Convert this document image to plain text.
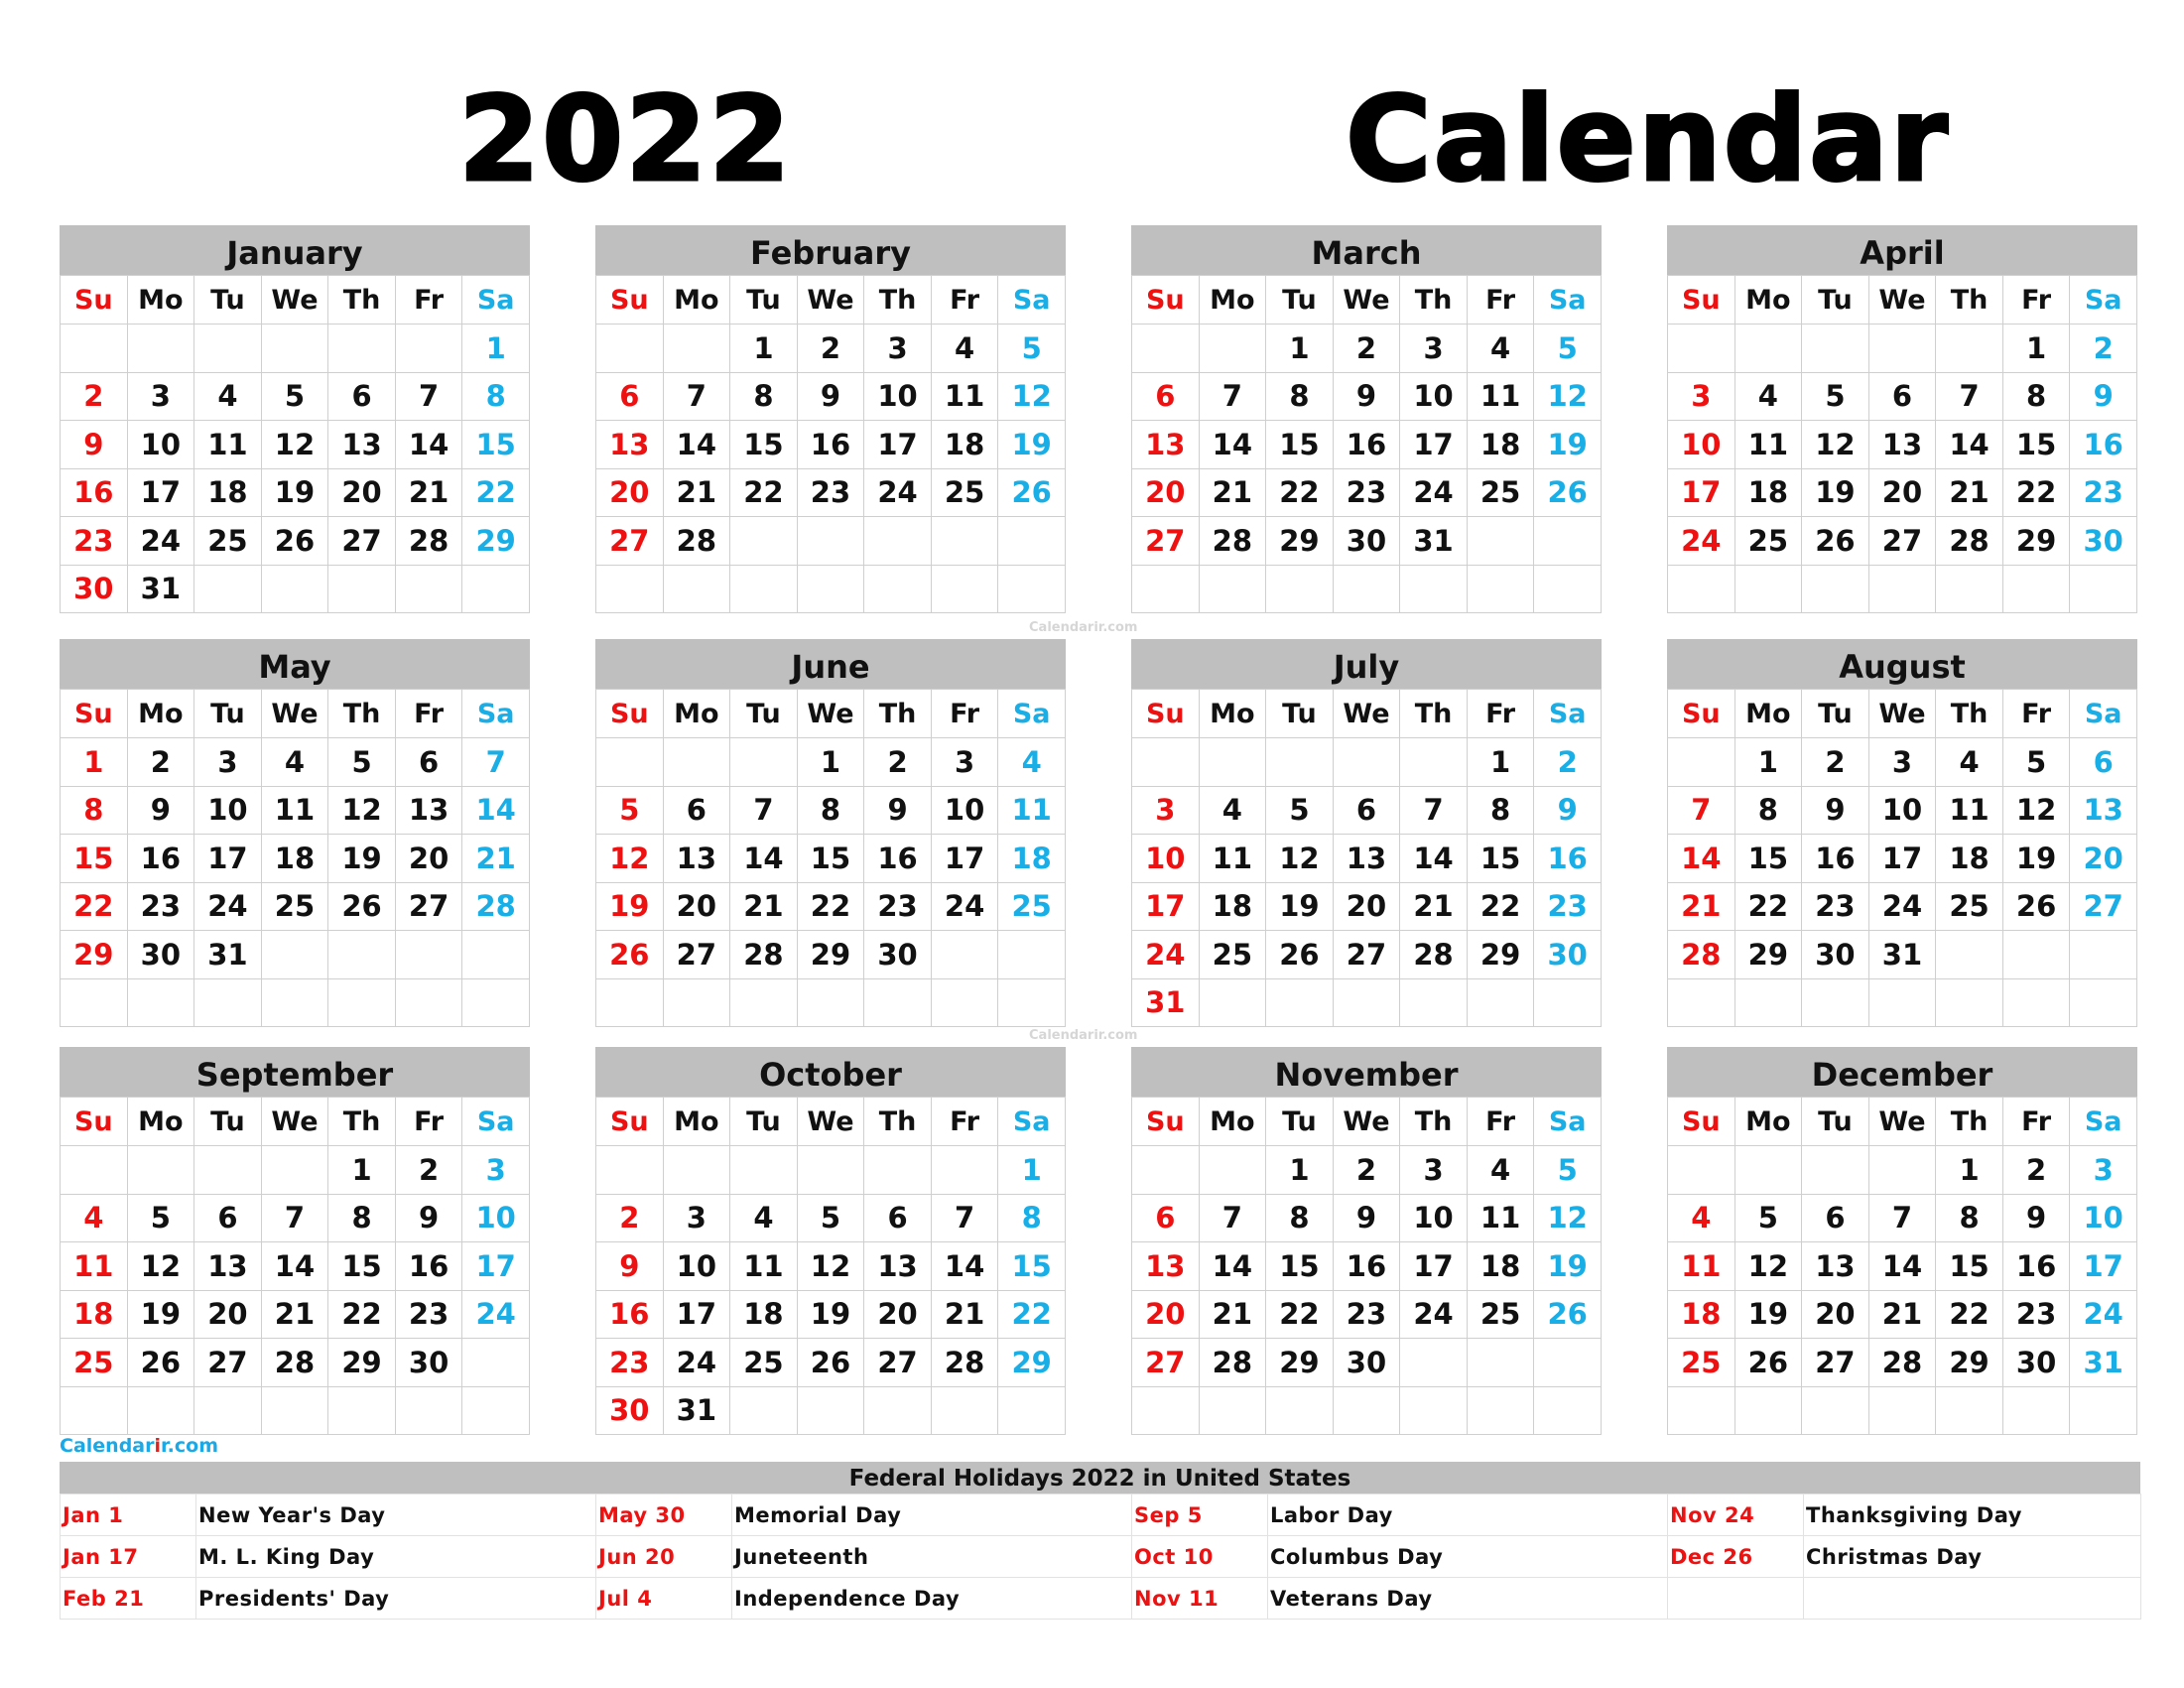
2022	Calendar
January
Su	Mo	Tu	We	Th	Fr	Sa
						1
2	3	4	5	6	7	8
9	10	11	12	13	14	15
16	17	18	19	20	21	22
23	24	25	26	27	28	29
30	31					
February
Su	Mo	Tu	We	Th	Fr	Sa
		1	2	3	4	5
6	7	8	9	10	11	12
13	14	15	16	17	18	19
20	21	22	23	24	25	26
27	28					

March
Su	Mo	Tu	We	Th	Fr	Sa
		1	2	3	4	5
6	7	8	9	10	11	12
13	14	15	16	17	18	19
20	21	22	23	24	25	26
27	28	29	30	31		

April
Su	Mo	Tu	We	Th	Fr	Sa
					1	2
3	4	5	6	7	8	9
10	11	12	13	14	15	16
17	18	19	20	21	22	23
24	25	26	27	28	29	30

May
Su	Mo	Tu	We	Th	Fr	Sa
1	2	3	4	5	6	7
8	9	10	11	12	13	14
15	16	17	18	19	20	21
22	23	24	25	26	27	28
29	30	31				

June
Su	Mo	Tu	We	Th	Fr	Sa
			1	2	3	4
5	6	7	8	9	10	11
12	13	14	15	16	17	18
19	20	21	22	23	24	25
26	27	28	29	30		

July
Su	Mo	Tu	We	Th	Fr	Sa
					1	2
3	4	5	6	7	8	9
10	11	12	13	14	15	16
17	18	19	20	21	22	23
24	25	26	27	28	29	30
31						
August
Su	Mo	Tu	We	Th	Fr	Sa
	1	2	3	4	5	6
7	8	9	10	11	12	13
14	15	16	17	18	19	20
21	22	23	24	25	26	27
28	29	30	31			

September
Su	Mo	Tu	We	Th	Fr	Sa
				1	2	3
4	5	6	7	8	9	10
11	12	13	14	15	16	17
18	19	20	21	22	23	24
25	26	27	28	29	30	

October
Su	Mo	Tu	We	Th	Fr	Sa
						1
2	3	4	5	6	7	8
9	10	11	12	13	14	15
16	17	18	19	20	21	22
23	24	25	26	27	28	29
30	31					
November
Su	Mo	Tu	We	Th	Fr	Sa
		1	2	3	4	5
6	7	8	9	10	11	12
13	14	15	16	17	18	19
20	21	22	23	24	25	26
27	28	29	30			

December
Su	Mo	Tu	We	Th	Fr	Sa
				1	2	3
4	5	6	7	8	9	10
11	12	13	14	15	16	17
18	19	20	21	22	23	24
25	26	27	28	29	30	31

Calendarir.com
Calendarir.com
Calendarir.com
Federal Holidays 2022 in United States
Jan 1	New Year's Day	May 30	Memorial Day	Sep 5	Labor Day	Nov 24	Thanksgiving Day
Jan 17	M. L. King Day	Jun 20	Juneteenth	Oct 10	Columbus Day	Dec 26	Christmas Day
Feb 21	Presidents' Day	Jul 4	Independence Day	Nov 11	Veterans Day		
